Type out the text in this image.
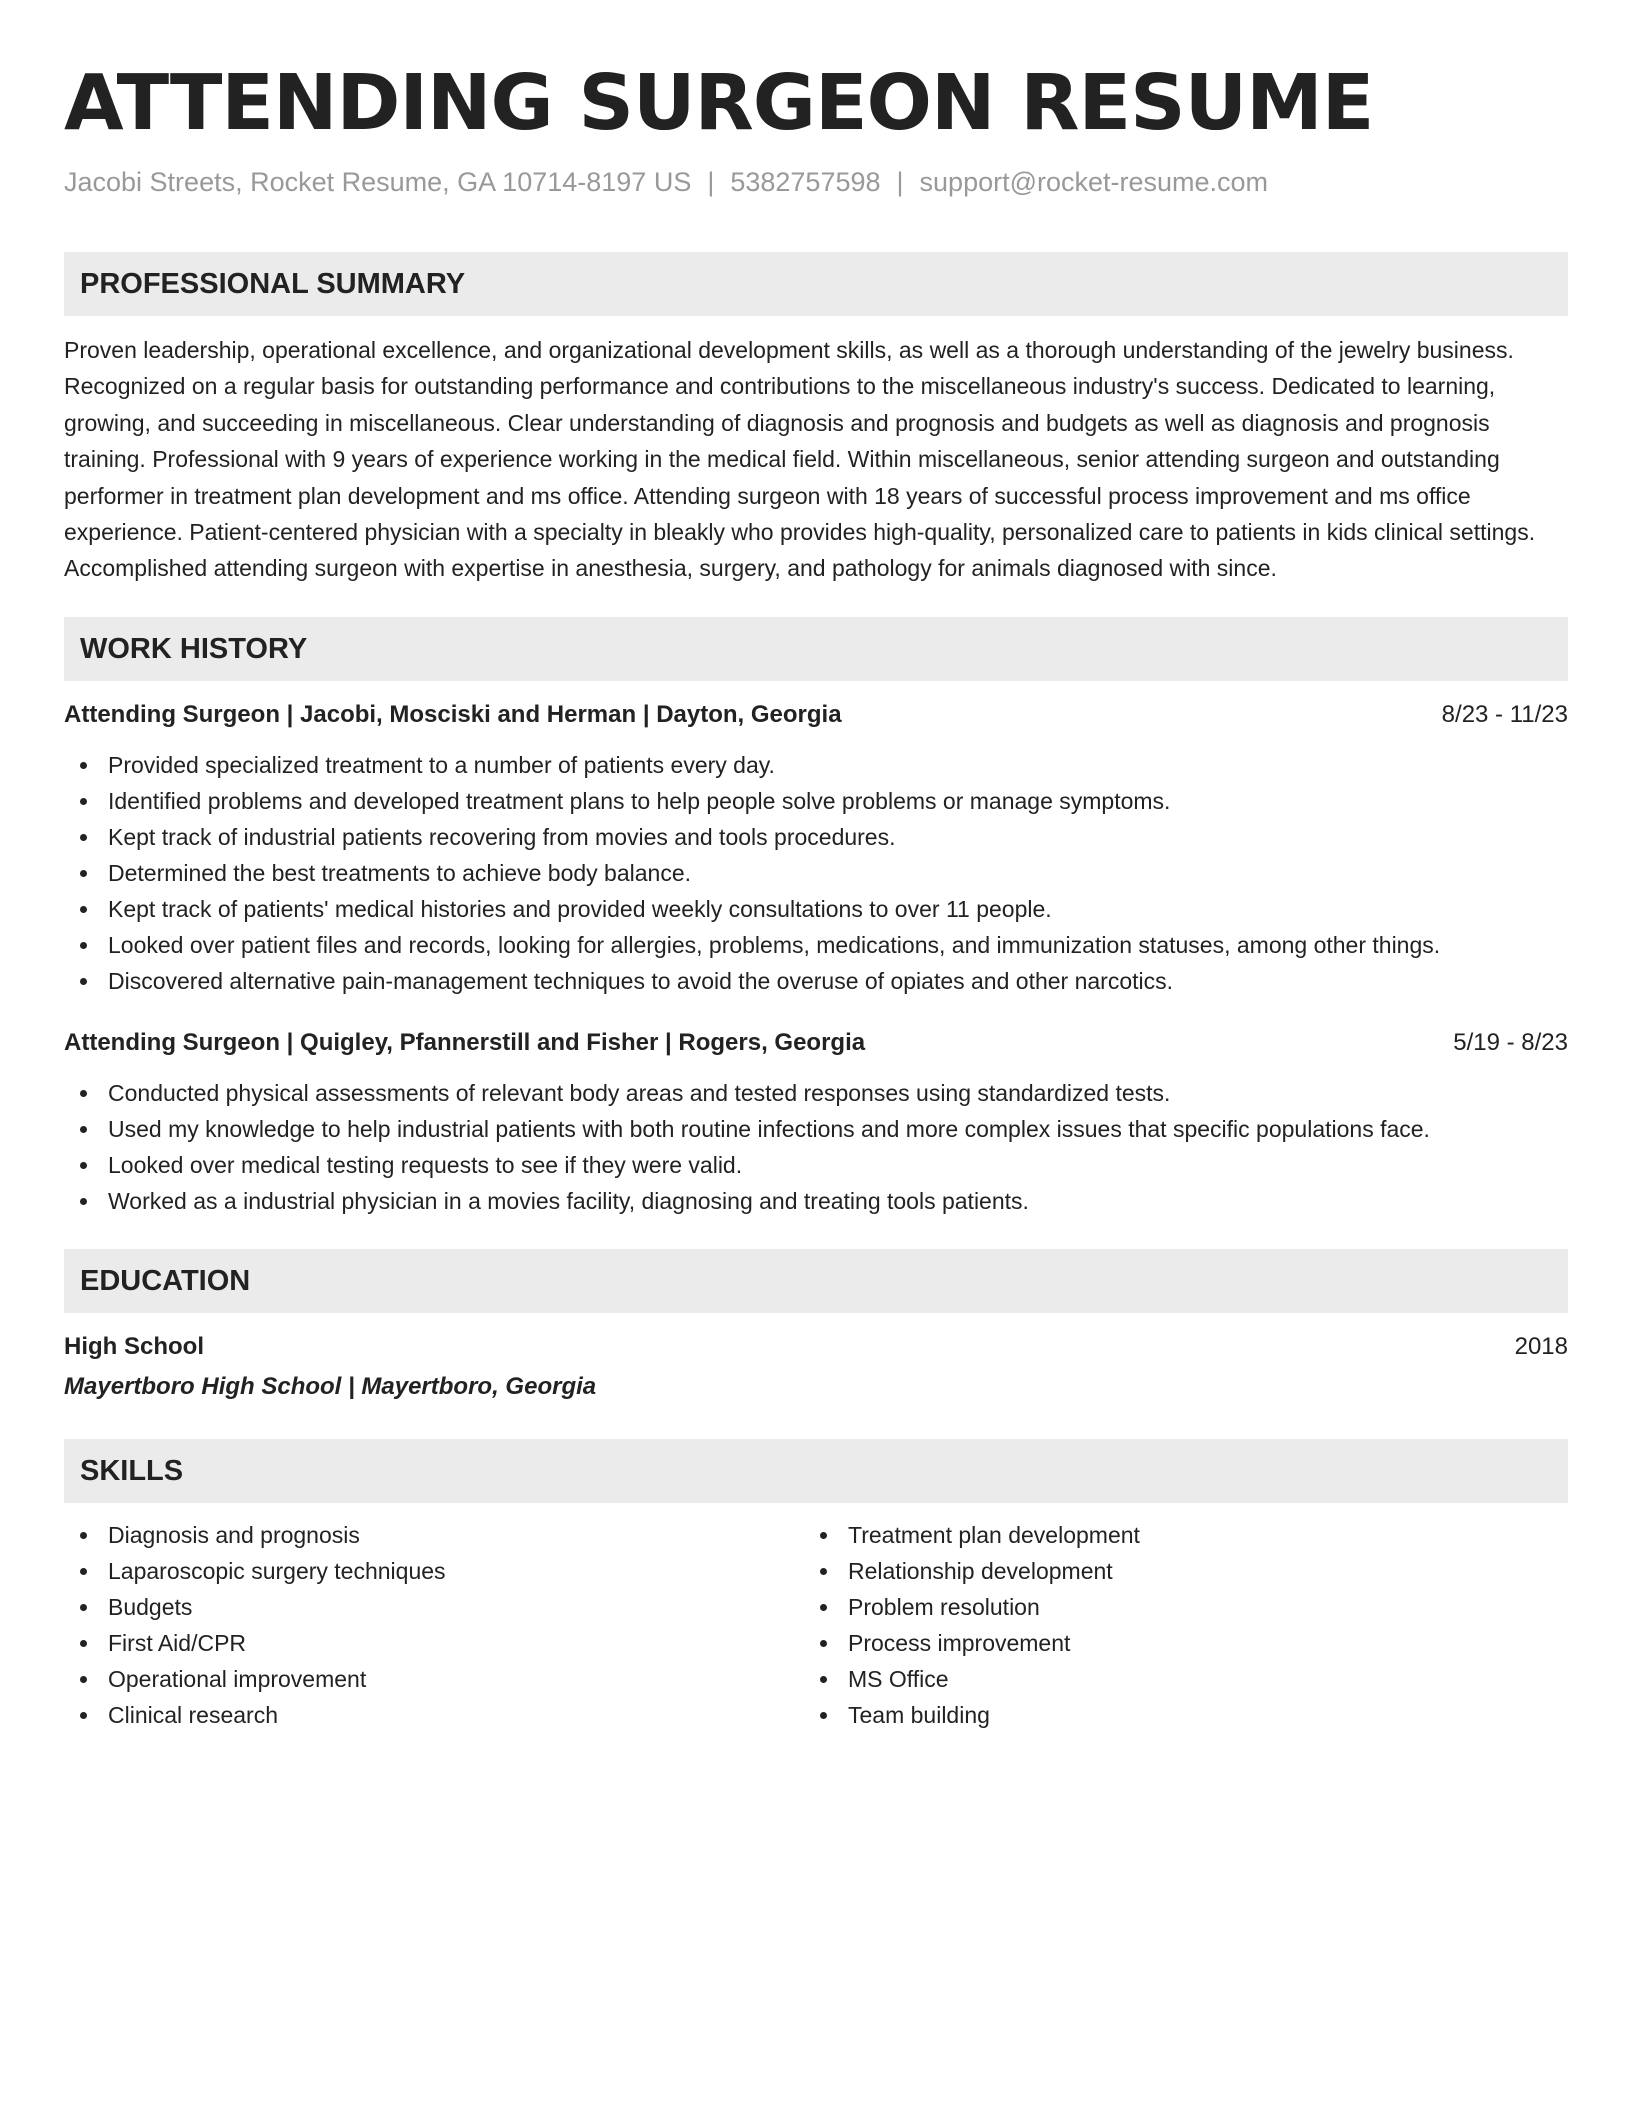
ATTENDING SURGEON RESUME
Jacobi Streets, Rocket Resume, GA 10714-8197 US | 5382757598 | support@rocket-resume.com
PROFESSIONAL SUMMARY
Proven leadership, operational excellence, and organizational development skills, as well as a thorough understanding of the jewelry business. Recognized on a regular basis for outstanding performance and contributions to the miscellaneous industry's success. Dedicated to learning, growing, and succeeding in miscellaneous. Clear understanding of diagnosis and prognosis and budgets as well as diagnosis and prognosis training. Professional with 9 years of experience working in the medical field. Within miscellaneous, senior attending surgeon and outstanding performer in treatment plan development and ms office. Attending surgeon with 18 years of successful process improvement and ms office experience. Patient-centered physician with a specialty in bleakly who provides high-quality, personalized care to patients in kids clinical settings. Accomplished attending surgeon with expertise in anesthesia, surgery, and pathology for animals diagnosed with since.
WORK HISTORY
Attending Surgeon | Jacobi, Mosciski and Herman | Dayton, Georgia	8/23 - 11/23
Provided specialized treatment to a number of patients every day.
Identified problems and developed treatment plans to help people solve problems or manage symptoms.
Kept track of industrial patients recovering from movies and tools procedures.
Determined the best treatments to achieve body balance.
Kept track of patients' medical histories and provided weekly consultations to over 11 people.
Looked over patient files and records, looking for allergies, problems, medications, and immunization statuses, among other things.
Discovered alternative pain-management techniques to avoid the overuse of opiates and other narcotics.
Attending Surgeon | Quigley, Pfannerstill and Fisher | Rogers, Georgia	5/19 - 8/23
Conducted physical assessments of relevant body areas and tested responses using standardized tests.
Used my knowledge to help industrial patients with both routine infections and more complex issues that specific populations face.
Looked over medical testing requests to see if they were valid.
Worked as a industrial physician in a movies facility, diagnosing and treating tools patients.
EDUCATION
High School	2018
Mayertboro High School | Mayertboro, Georgia
SKILLS
Diagnosis and prognosis
Laparoscopic surgery techniques
Budgets
First Aid/CPR
Operational improvement
Clinical research
Treatment plan development
Relationship development
Problem resolution
Process improvement
MS Office
Team building
